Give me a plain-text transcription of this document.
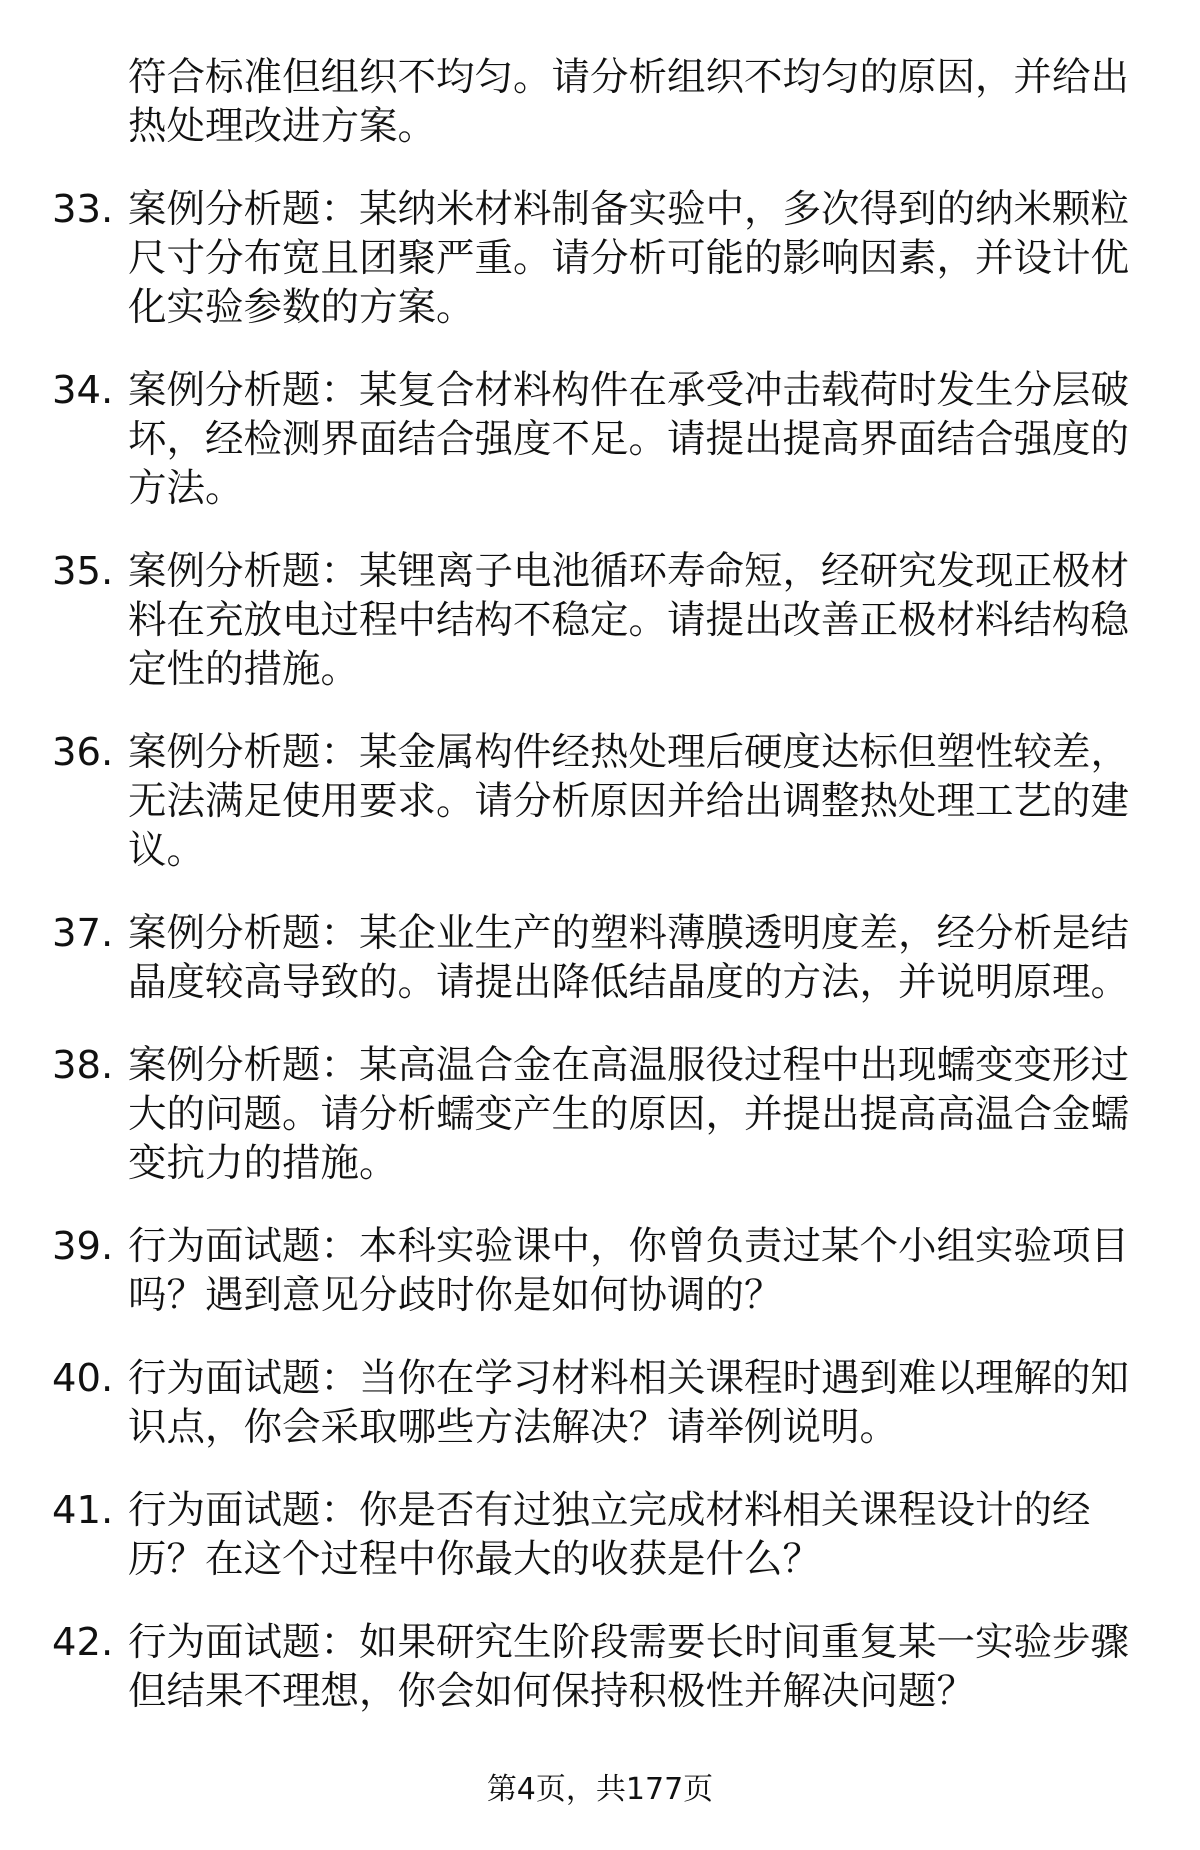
符合标准但组织不均匀。请分析组织不均匀的原因，并给出热处理改进方案。
33. 案例分析题：某纳米材料制备实验中，多次得到的纳米颗粒尺寸分布宽且团聚严重。请分析可能的影响因素，并设计优化实验参数的方案。
34. 案例分析题：某复合材料构件在承受冲击载荷时发生分层破坏，经检测界面结合强度不足。请提出提高界面结合强度的方法。
35. 案例分析题：某锂离子电池循环寿命短，经研究发现正极材料在充放电过程中结构不稳定。请提出改善正极材料结构稳定性的措施。
36. 案例分析题：某金属构件经热处理后硬度达标但塑性较差，无法满足使用要求。请分析原因并给出调整热处理工艺的建议。
37. 案例分析题：某企业生产的塑料薄膜透明度差，经分析是结晶度较高导致的。请提出降低结晶度的方法，并说明原理。
38. 案例分析题：某高温合金在高温服役过程中出现蠕变变形过大的问题。请分析蠕变产生的原因，并提出提高高温合金蠕变抗力的措施。
39. 行为面试题：本科实验课中，你曾负责过某个小组实验项目吗？遇到意见分歧时你是如何协调的？
40. 行为面试题：当你在学习材料相关课程时遇到难以理解的知识点，你会采取哪些方法解决？请举例说明。
41. 行为面试题：你是否有过独立完成材料相关课程设计的经历？在这个过程中你最大的收获是什么？
42. 行为面试题：如果研究生阶段需要长时间重复某一实验步骤但结果不理想，你会如何保持积极性并解决问题？
第4页，共177页
